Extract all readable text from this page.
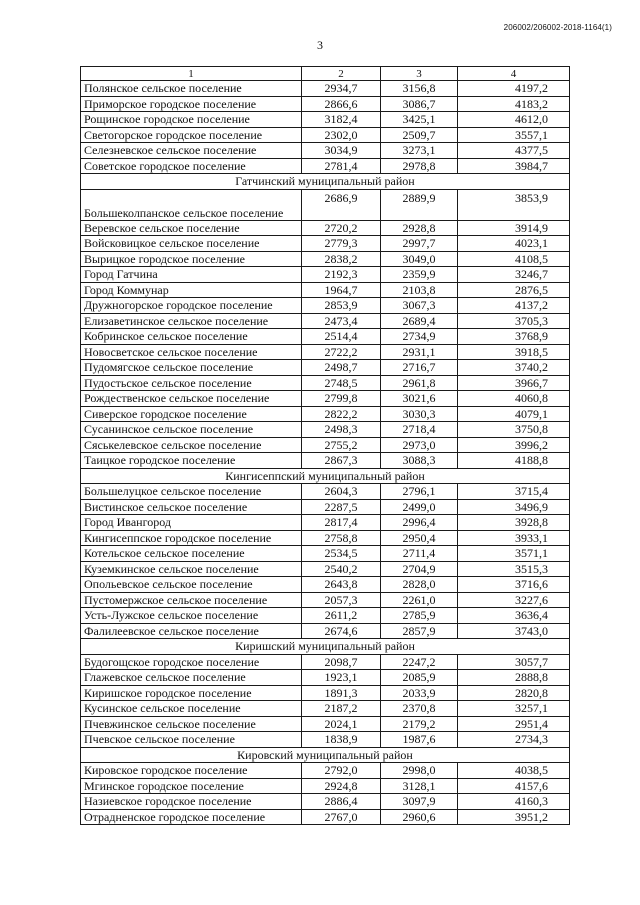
206002/206002-2018-1164(1)
3
1	2	3	4
Полянское сельское поселение	2934,7	3156,8	4197,2
Приморское городское поселение	2866,6	3086,7	4183,2
Рощинское городское поселение	3182,4	3425,1	4612,0
Светогорское городское поселение	2302,0	2509,7	3557,1
Селезневское сельское поселение	3034,9	3273,1	4377,5
Советское городское поселение	2781,4	2978,8	3984,7
Гатчинский муниципальный район			
Большеколпанское сельское поселение	2686,9	2889,9	3853,9
Веревское сельское поселение	2720,2	2928,8	3914,9
Войсковицкое сельское поселение	2779,3	2997,7	4023,1
Вырицкое городское поселение	2838,2	3049,0	4108,5
Город Гатчина	2192,3	2359,9	3246,7
Город Коммунар	1964,7	2103,8	2876,5
Дружногорское городское поселение	2853,9	3067,3	4137,2
Елизаветинское сельское поселение	2473,4	2689,4	3705,3
Кобринское сельское поселение	2514,4	2734,9	3768,9
Новосветское сельское поселение	2722,2	2931,1	3918,5
Пудомягское сельское поселение	2498,7	2716,7	3740,2
Пудостьское сельское поселение	2748,5	2961,8	3966,7
Рождественское сельское поселение	2799,8	3021,6	4060,8
Сиверское городское поселение	2822,2	3030,3	4079,1
Сусанинское сельское поселение	2498,3	2718,4	3750,8
Сяськелевское сельское поселение	2755,2	2973,0	3996,2
Таицкое городское поселение	2867,3	3088,3	4188,8
Кингисеппский муниципальный район			
Большелуцкое сельское поселение	2604,3	2796,1	3715,4
Вистинское сельское поселение	2287,5	2499,0	3496,9
Город Ивангород	2817,4	2996,4	3928,8
Кингисеппское городское поселение	2758,8	2950,4	3933,1
Котельское сельское поселение	2534,5	2711,4	3571,1
Куземкинское сельское поселение	2540,2	2704,9	3515,3
Опольевское сельское поселение	2643,8	2828,0	3716,6
Пустомержское сельское поселение	2057,3	2261,0	3227,6
Усть-Лужское сельское поселение	2611,2	2785,9	3636,4
Фалилеевское сельское поселение	2674,6	2857,9	3743,0
Киришский муниципальный район			
Будогощское городское поселение	2098,7	2247,2	3057,7
Глажевское сельское поселение	1923,1	2085,9	2888,8
Киришское городское поселение	1891,3	2033,9	2820,8
Кусинское сельское поселение	2187,2	2370,8	3257,1
Пчевжинское сельское поселение	2024,1	2179,2	2951,4
Пчевское сельское поселение	1838,9	1987,6	2734,3
Кировский муниципальный район			
Кировское городское поселение	2792,0	2998,0	4038,5
Мгинское городское поселение	2924,8	3128,1	4157,6
Назиевское городское поселение	2886,4	3097,9	4160,3
Отрадненское городское поселение	2767,0	2960,6	3951,2
